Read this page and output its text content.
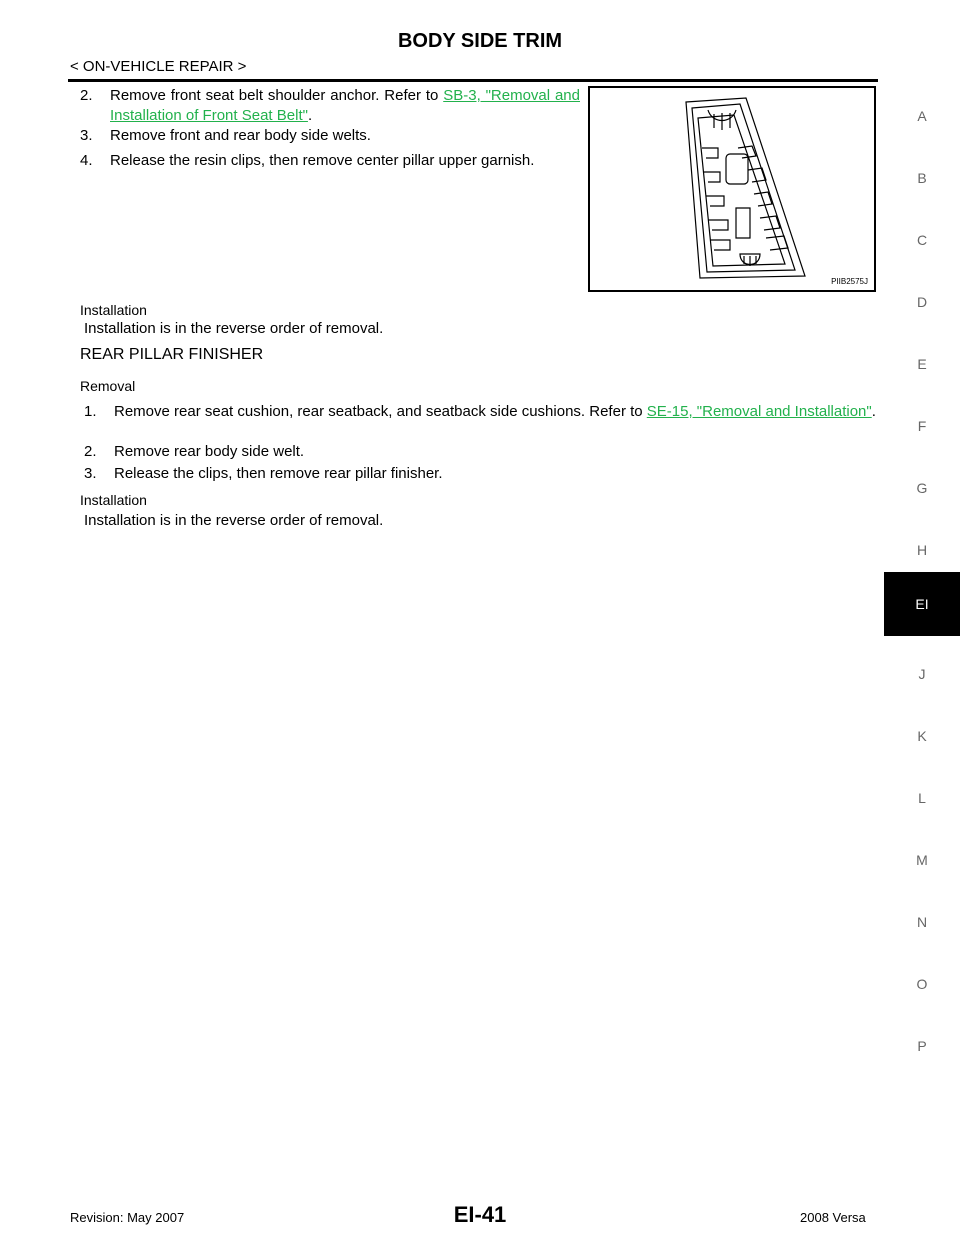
BODY SIDE TRIM
< ON-VEHICLE REPAIR >
A
B
C
D
E
F
G
H
EI
J
K
L
M
N
O
P
2. Remove front seat belt shoulder anchor. Refer to SB-3, "Removal and Installation of Front Seat Belt".
3. Remove front and rear body side welts.
4. Release the resin clips, then remove center pillar upper garnish.
PIIB2575J
Installation
Installation is in the reverse order of removal.
REAR PILLAR FINISHER
Removal
1. Remove rear seat cushion, rear seatback, and seatback side cushions. Refer to SE-15, "Removal and Installation".
2. Remove rear body side welt.
3. Release the clips, then remove rear pillar finisher.
Installation
Installation is in the reverse order of removal.
Revision: May 2007	EI-41	2008 Versa
